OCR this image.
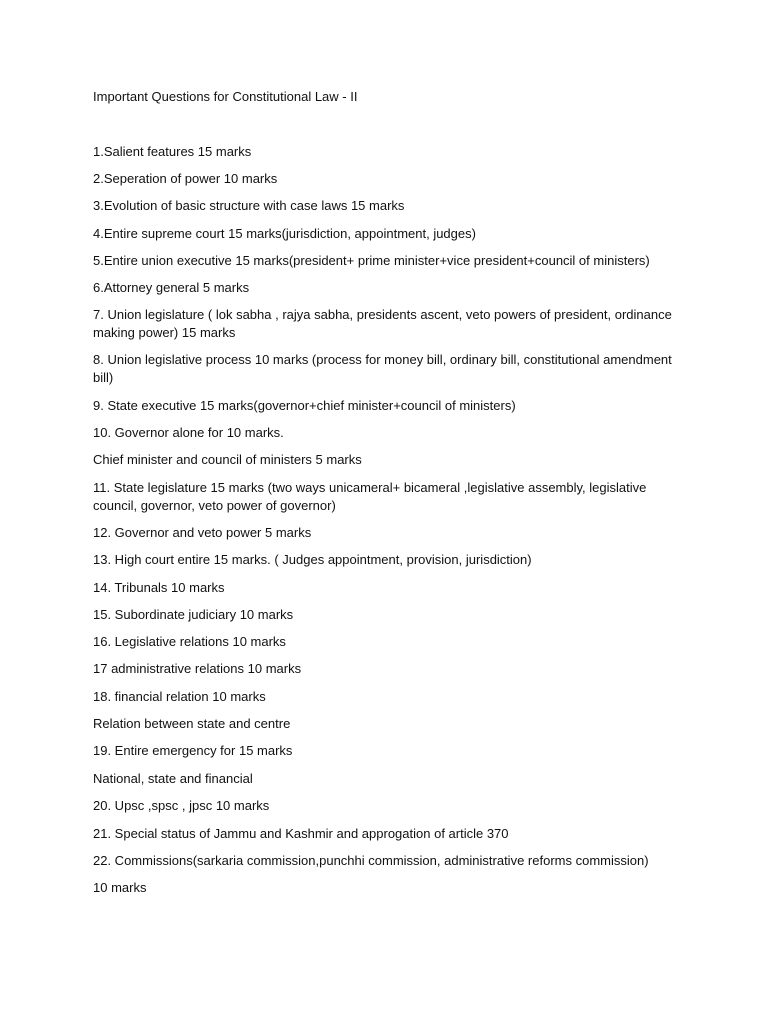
Important Questions for Constitutional Law - II
1.Salient features 15 marks
2.Seperation of power 10 marks
3.Evolution of basic structure with case laws 15 marks
4.Entire supreme court 15 marks(jurisdiction, appointment, judges)
5.Entire union executive 15 marks(president+ prime minister+vice president+council of ministers)
6.Attorney general 5 marks
7. Union legislature ( lok sabha , rajya sabha, presidents ascent, veto powers of president, ordinance making power) 15 marks
8. Union legislative process 10 marks (process for money bill, ordinary bill, constitutional amendment bill)
9. State executive 15 marks(governor+chief minister+council of ministers)
10. Governor alone for 10 marks.
Chief minister and council of ministers 5 marks
11. State legislature 15 marks (two ways unicameral+ bicameral ,legislative assembly, legislative council, governor, veto power of governor)
12. Governor and veto power 5 marks
13. High court entire 15 marks. ( Judges appointment, provision, jurisdiction)
14. Tribunals 10 marks
15. Subordinate judiciary 10 marks
16. Legislative relations 10 marks
17 administrative relations 10 marks
18. financial relation 10 marks
Relation between state and centre
19. Entire emergency for 15 marks
National, state and financial
20. Upsc ,spsc , jpsc 10 marks
21. Special status of Jammu and Kashmir and approgation of article 370
22. Commissions(sarkaria commission,punchhi commission, administrative reforms commission)
10 marks
